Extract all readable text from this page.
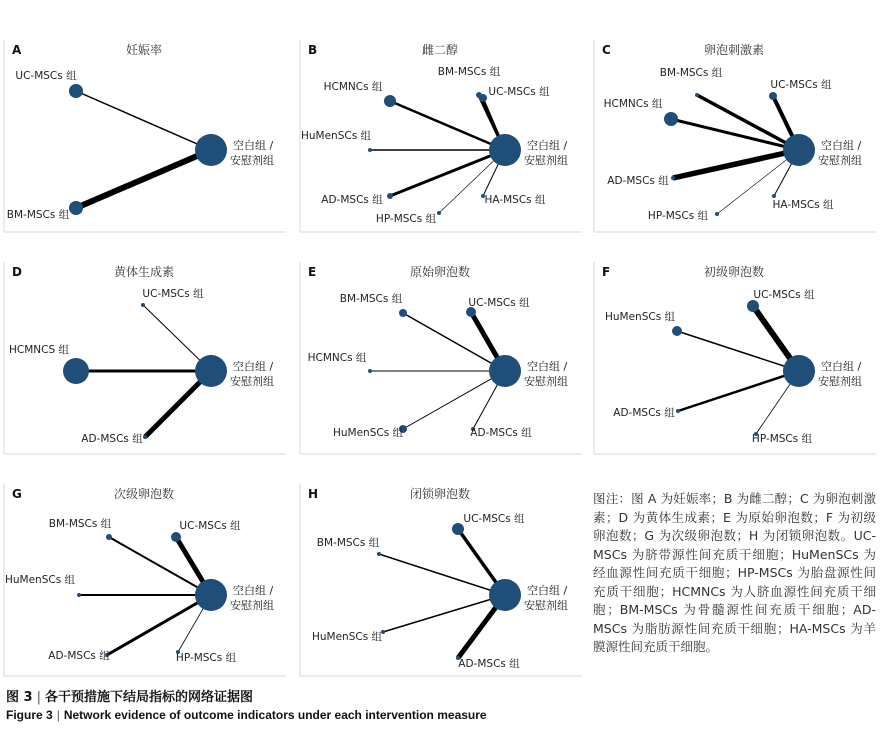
A	妊娠率
UC-MSCs 组
BM-MSCs 组
空白组 /
安慰剂组
B	雌二醇
BM-MSCs 组
HCMNCs 组	UC-MSCs 组
HuMenSCs 组
AD-MSCs 组	HA-MSCs 组
HP-MSCs 组
空白组 /
安慰剂组
C	卵泡刺激素
BM-MSCs 组
UC-MSCs 组
HCMNCs 组
AD-MSCs 组
HA-MSCs 组
HP-MSCs 组
空白组 /
安慰剂组
D	黄体生成素
UC-MSCs 组
HCMNCS 组
AD-MSCs 组
空白组 /
安慰剂组
E	原始卵泡数
BM-MSCs 组	UC-MSCs 组
HCMNCs 组
HuMenSCs 组	AD-MSCs 组
空白组 /
安慰剂组
F	初级卵泡数
UC-MSCs 组
HuMenSCs 组
AD-MSCs 组
HP-MSCs 组
空白组 /
安慰剂组
G	次级卵泡数
BM-MSCs 组	UC-MSCs 组
HuMenSCs 组
AD-MSCs 组	HP-MSCs 组
空白组 /
安慰剂组
H	闭锁卵泡数
UC-MSCs 组
BM-MSCs 组
HuMenSCs 组
AD-MSCs 组
空白组 /
安慰剂组
图注：图 A 为妊娠率；B 为雌二醇；C 为卵泡刺激素；D 为黄体生成素；E 为原始卵泡数；F 为初级卵泡数；G 为次级卵泡数；H 为闭锁卵泡数。UC-MSCs 为脐带源性间充质干细胞；HuMenSCs 为经血源性间充质干细胞；HP-MSCs 为胎盘源性间充质干细胞；HCMNCs 为人脐血源性间充质干细胞；BM-MSCs 为骨髓源性间充质干细胞；AD-MSCs 为脂肪源性间充质干细胞；HA-MSCs 为羊膜源性间充质干细胞。
图 3 | 各干预措施下结局指标的网络证据图
Figure 3 | Network evidence of outcome indicators under each intervention measure
